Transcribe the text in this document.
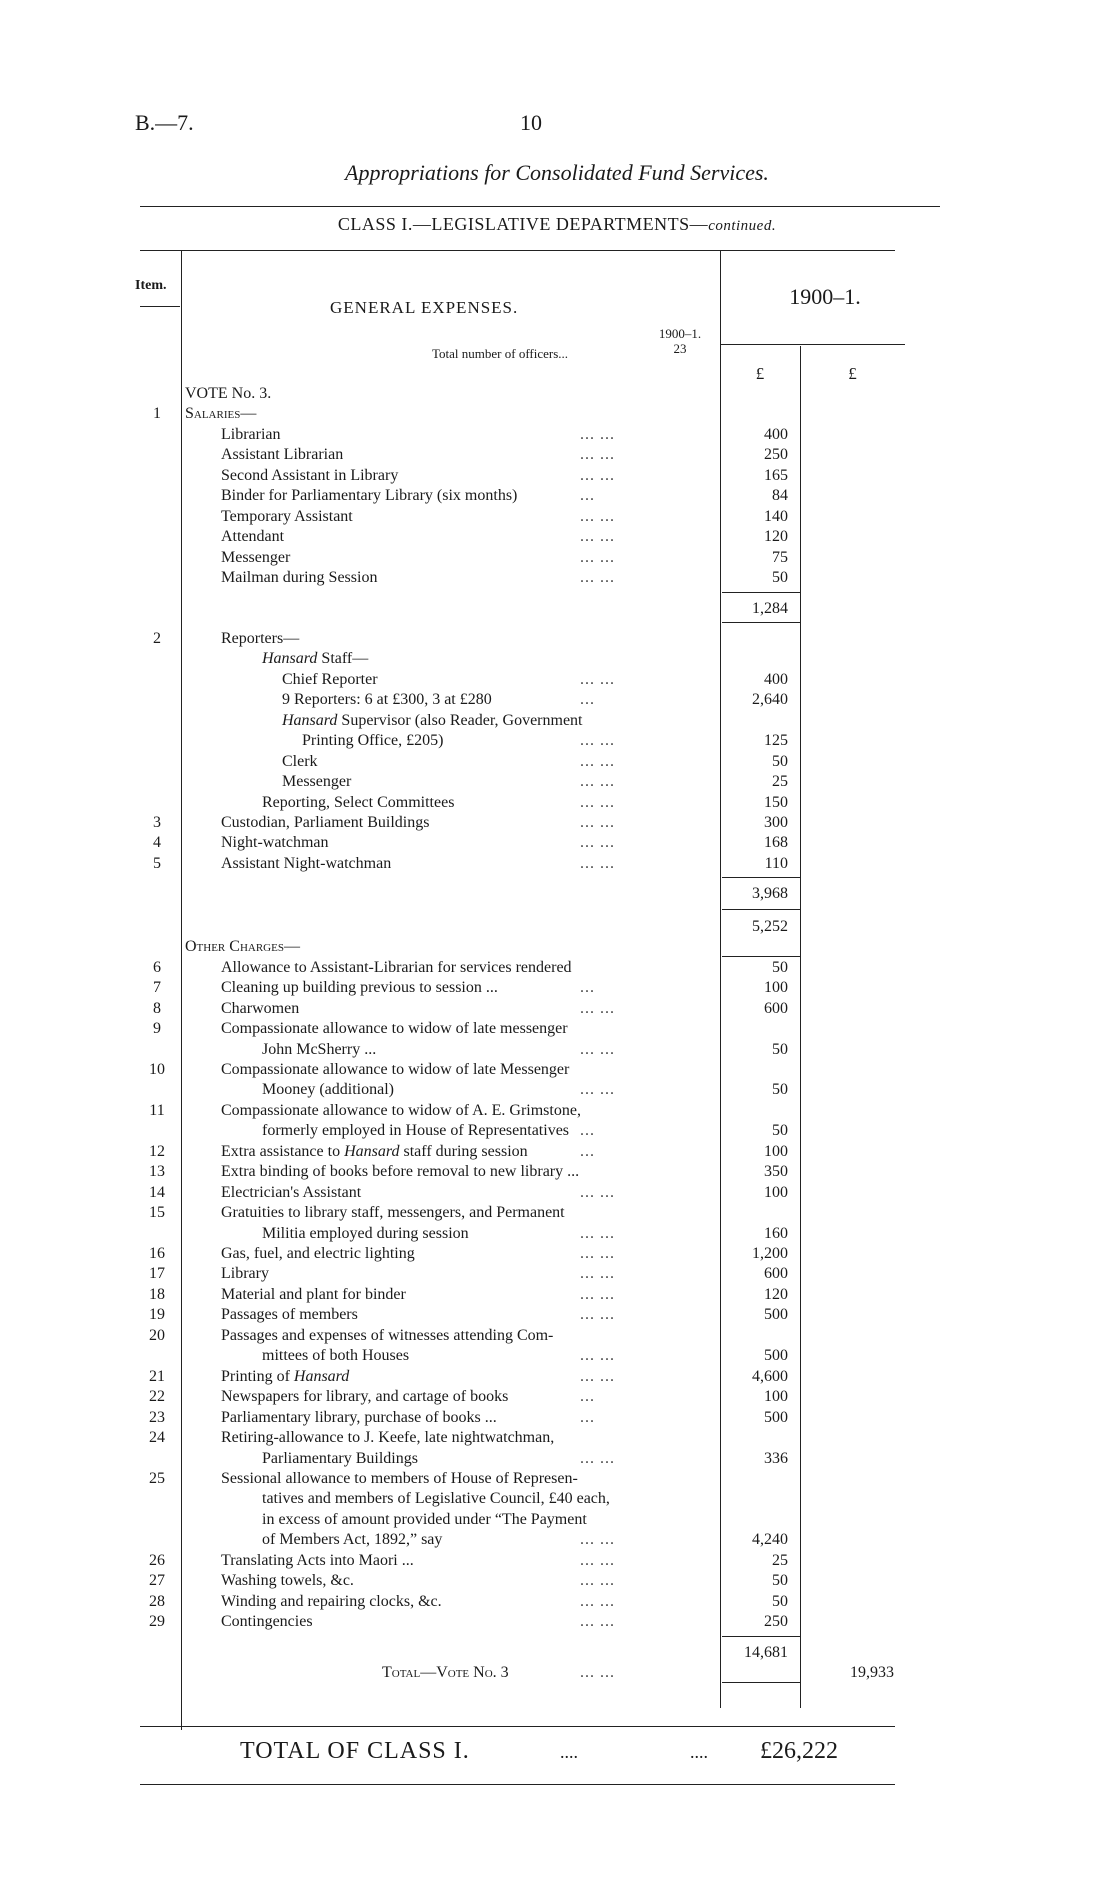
B.—7.	10
Appropriations for Consolidated Fund Services.
CLASS I.—LEGISLATIVE DEPARTMENTS—continued.
Item.
GENERAL EXPENSES.	1900–1.
1900–1.
23
Total number of officers...
£	£
VOTE No. 3.
1	Salaries—
Librarian	... ...	400
Assistant Librarian	... ...	250
Second Assistant in Library	... ...	165
Binder for Parliamentary Library (six months)	...	84
Temporary Assistant	... ...	140
Attendant	... ...	120
Messenger	... ...	75
Mailman during Session	... ...	50
1,284
2	Reporters—
Hansard Staff—
Chief Reporter	... ...	400
9 Reporters: 6 at £300, 3 at £280	...	2,640
Hansard Supervisor (also Reader, Government
Printing Office, £205)	... ...	125
Clerk	... ...	50
Messenger	... ...	25
Reporting, Select Committees	... ...	150
3	Custodian, Parliament Buildings	... ...	300
4	Night-watchman	... ...	168
5	Assistant Night-watchman	... ...	110
3,968
5,252
Other Charges—
6	Allowance to Assistant-Librarian for services rendered	50
7	Cleaning up building previous to session ...	...	100
8	Charwomen	... ...	600
9	Compassionate allowance to widow of late messenger
John McSherry ...	... ...	50
10	Compassionate allowance to widow of late Messenger
Mooney (additional)	... ...	50
11	Compassionate allowance to widow of A. E. Grimstone,
formerly employed in House of Representatives ...	50
12	Extra assistance to Hansard staff during session	...	100
13	Extra binding of books before removal to new library ...	350
14	Electrician's Assistant	... ...	100
15	Gratuities to library staff, messengers, and Permanent
Militia employed during session	... ...	160
16	Gas, fuel, and electric lighting	... ...	1,200
17	Library	... ...	600
18	Material and plant for binder	... ...	120
19	Passages of members	... ...	500
20	Passages and expenses of witnesses attending Com-
mittees of both Houses	... ...	500
21	Printing of Hansard	... ...	4,600
22	Newspapers for library, and cartage of books	...	100
23	Parliamentary library, purchase of books ...	...	500
24	Retiring-allowance to J. Keefe, late nightwatchman,
Parliamentary Buildings	... ...	336
25	Sessional allowance to members of House of Represen-
tatives and members of Legislative Council, £40 each,
in excess of amount provided under “The Payment
of Members Act, 1892,” say	... ...	4,240
26	Translating Acts into Maori ...	... ...	25
27	Washing towels, &c.	... ...	50
28	Winding and repairing clocks, &c.	... ...	50
29	Contingencies	... ...	250
14,681
Total—Vote No. 3	... ...	19,933
TOTAL OF CLASS I.	....	.... £26,222
